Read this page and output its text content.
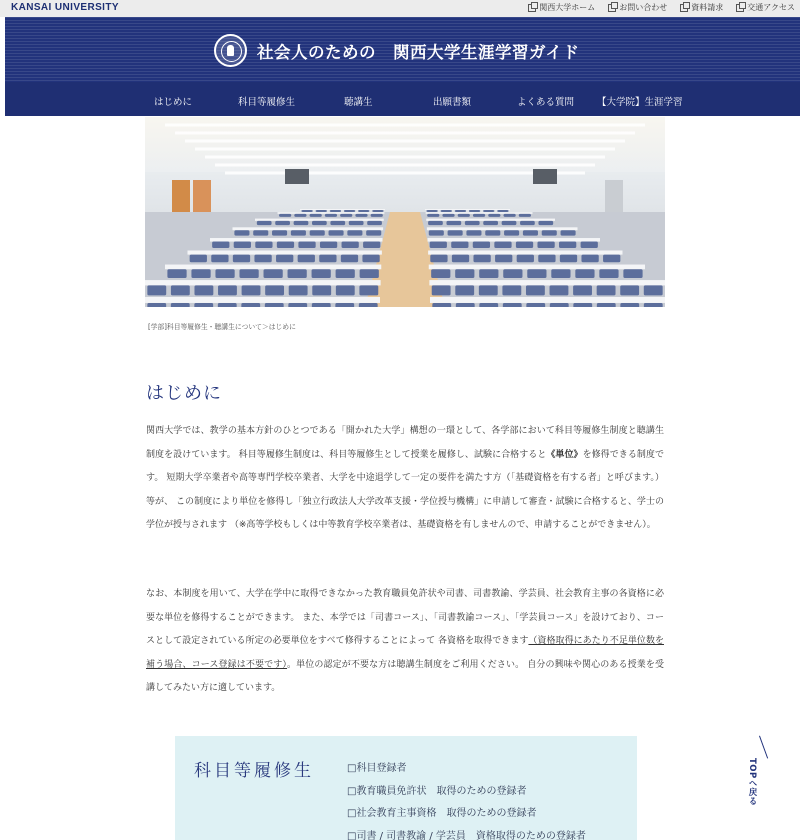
KANSAI UNIVERSITY	関西大学ホーム	お問い合わせ	資料請求	交通アクセス
社会人のための　関西大学生涯学習ガイド
はじめに	科目等履修生	聴講生	出願書類	よくある質問 【大学院】生涯学習
[学部]科目等履修生・聴講生について＞はじめに
はじめに

関西大学では、教学の基本方針のひとつである「開かれた大学」構想の一環として、各学部において科目等履修生制度と聴講生制度を設けています。 科目等履修生制度は、科目等履修生として授業を履修し、試験に合格すると《単位》を修得できる制度です。 短期大学卒業者や高等専門学校卒業者、大学を中途退学して一定の要件を満たす方（「基礎資格を有する者」と呼びます。）等が、 この制度により単位を修得し「独立行政法人大学改革支援・学位授与機構」に申請して審査・試験に合格すると、学士の学位が授与されます （※高等学校もしくは中等教育学校卒業者は、基礎資格を有しませんので、申請することができません）。

なお、本制度を用いて、大学在学中に取得できなかった教育職員免許状や司書、司書教諭、学芸員、社会教育主事の各資格に必要な単位を修得することができます。 また、本学では「司書コース」、「司書教諭コース」、「学芸員コース」を設けており、コースとして設定されている所定の必要単位をすべて修得することによって 各資格を取得できます（資格取得にあたり不足単位数を補う場合、コース登録は不要です）。単位の認定が不要な方は聴講生制度をご利用ください。 自分の興味や関心のある授業を受講してみたい方に適しています。

科目等履修生	□科目登録者
□教育職員免許状　取得のための登録者
□社会教育主事資格　取得のための登録者
□司書 / 司書教諭 / 学芸員　資格取得のための登録者
TOPへ戻る
